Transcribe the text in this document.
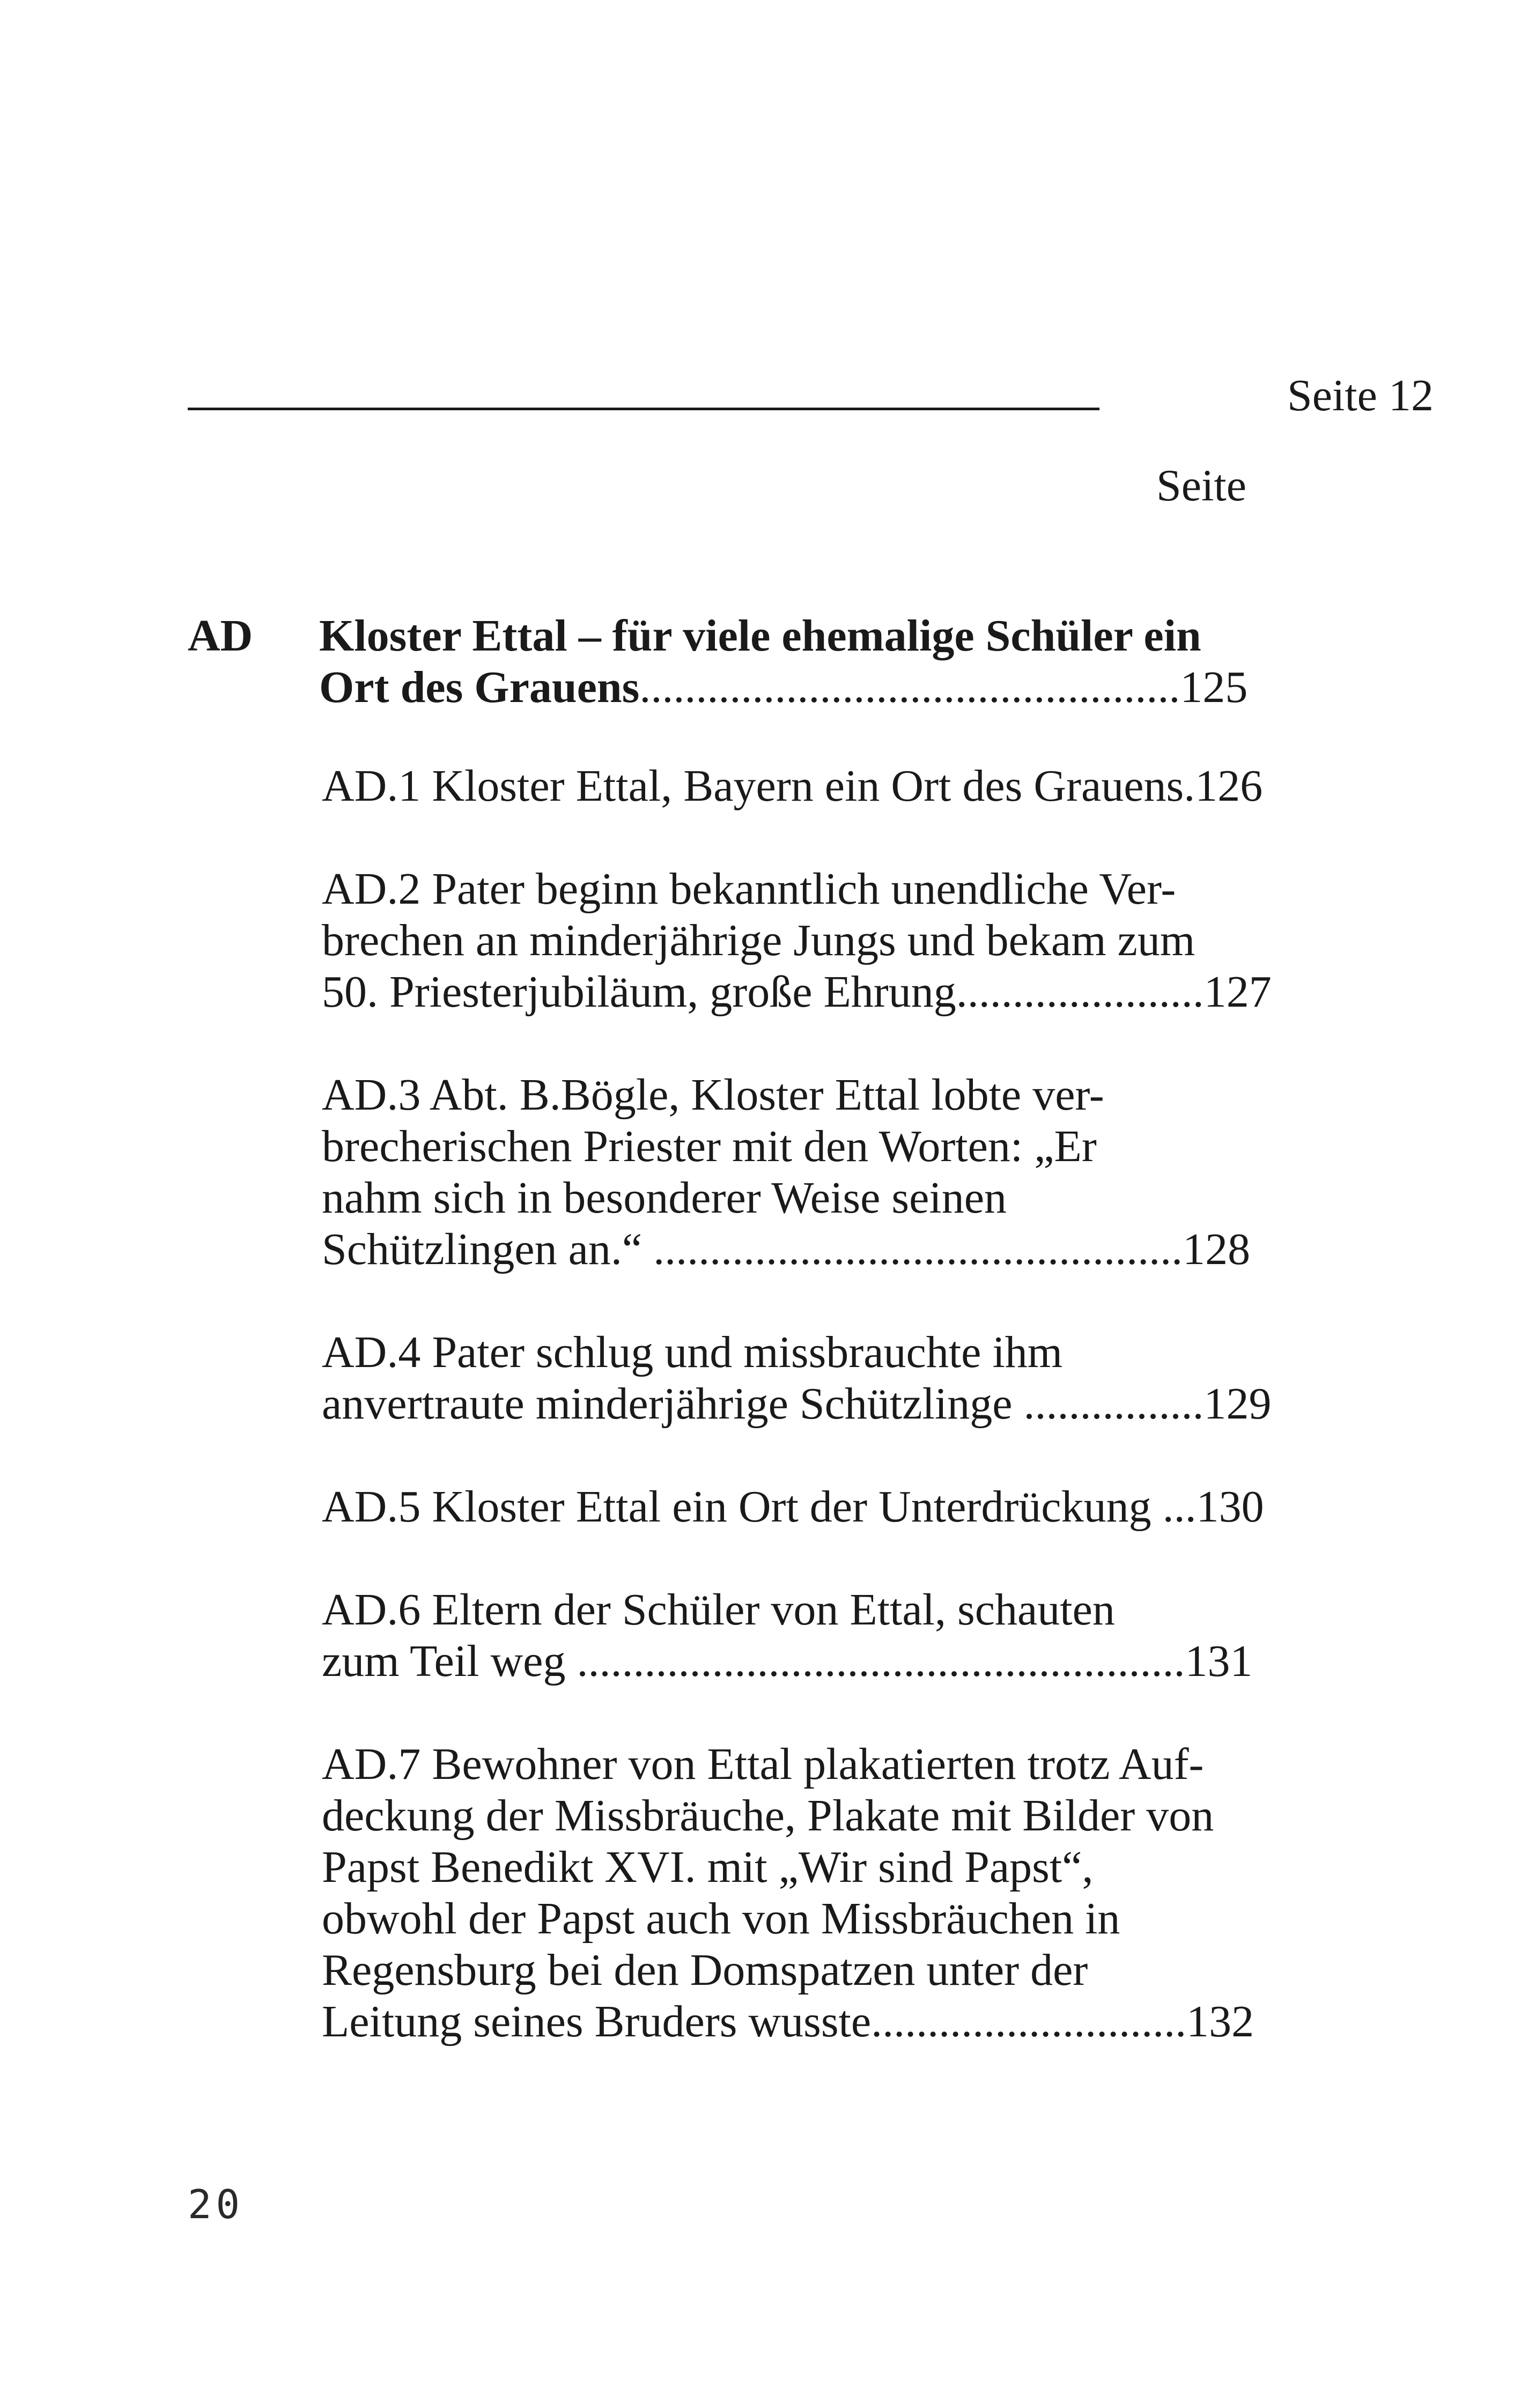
Seite 12
Seite
AD Kloster Ettal – für viele ehemalige Schüler ein
Ort des Grauens................................................125
AD.1 Kloster Ettal, Bayern ein Ort des Grauens.126
AD.2 Pater beginn bekanntlich unendliche Ver-
brechen an minderjährige Jungs und bekam zum
50. Priesterjubiläum, große Ehrung......................127
AD.3 Abt. B.Bögle, Kloster Ettal lobte ver-
brecherischen Priester mit den Worten: „Er
nahm sich in besonderer Weise seinen
Schützlingen an.“ ...............................................128
AD.4 Pater schlug und missbrauchte ihm
anvertraute minderjährige Schützlinge ................129
AD.5 Kloster Ettal ein Ort der Unterdrückung ...130
AD.6 Eltern der Schüler von Ettal, schauten
zum Teil weg ......................................................131
AD.7 Bewohner von Ettal plakatierten trotz Auf-
deckung der Missbräuche, Plakate mit Bilder von
Papst Benedikt XVI. mit „Wir sind Papst“,
obwohl der Papst auch von Missbräuchen in
Regensburg bei den Domspatzen unter der
Leitung seines Bruders wusste............................132
20
